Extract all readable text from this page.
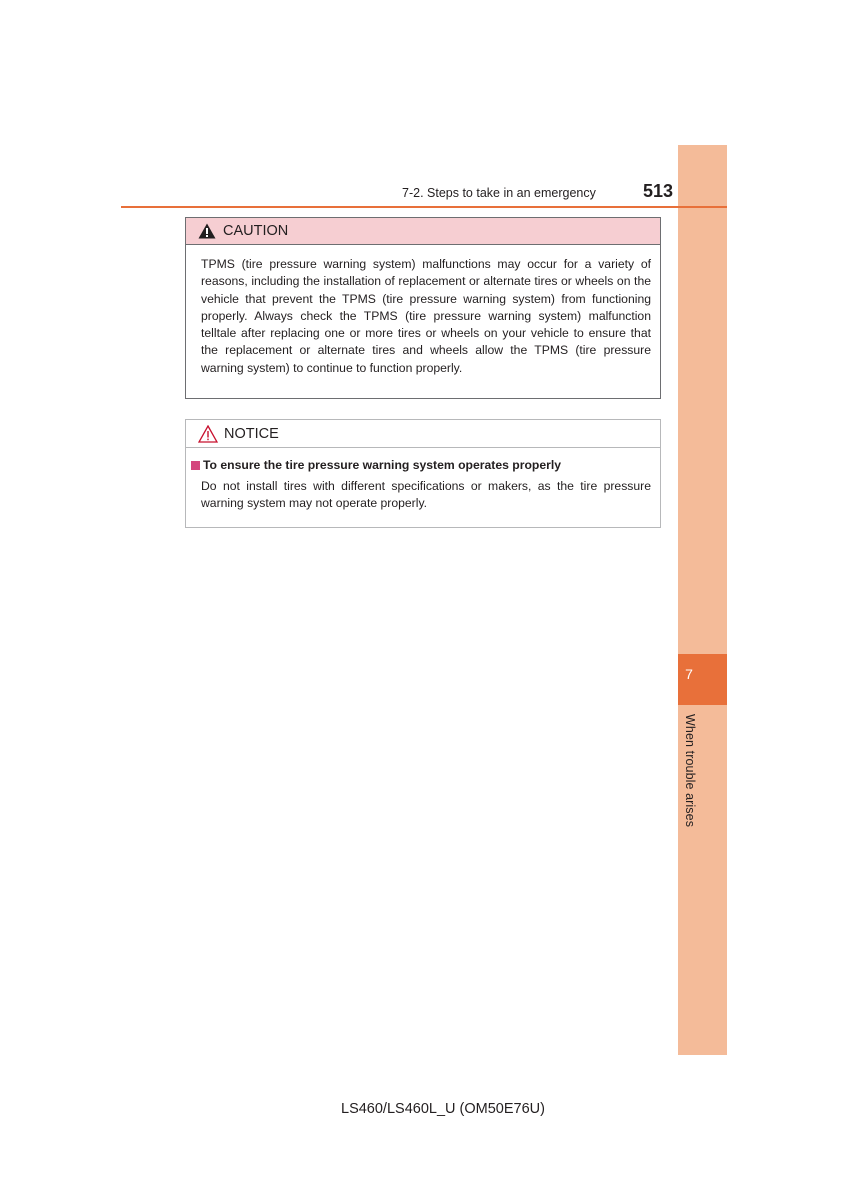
7
When trouble arises
7-2. Steps to take in an emergency	513
CAUTION
TPMS (tire pressure warning system) malfunctions may occur for a variety of reasons, including the installation of replacement or alternate tires or wheels on the vehicle that prevent the TPMS (tire pressure warning system) from functioning properly. Always check the TPMS (tire pressure warning system) malfunction telltale after replacing one or more tires or wheels on your vehicle to ensure that the replacement or alternate tires and wheels allow the TPMS (tire pressure warning system) to continue to function properly.
NOTICE
To ensure the tire pressure warning system operates properly
Do not install tires with different specifications or makers, as the tire pressure warning system may not operate properly.
LS460/LS460L_U (OM50E76U)
